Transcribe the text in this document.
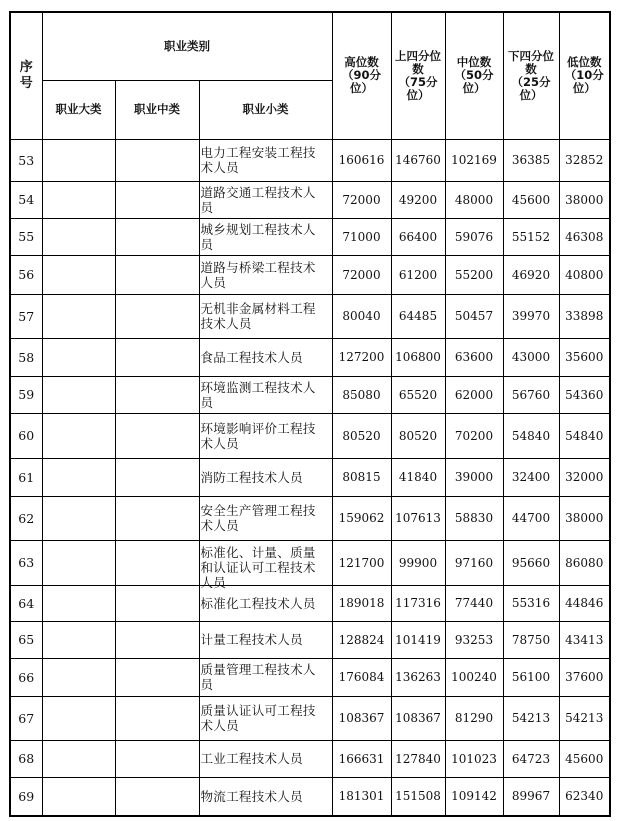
序号	职业类别			高位数
（90分
位）	上四分位
数
（75分
位）	中位数
（50分
位）	下四分位
数
（25分
位）	低位数
（10分
位）

	职业大类	职业中类	职业小类					
53			电力工程安装工程技术人员	160616	146760	102169	36385	32852
54			道路交通工程技术人员	72000	49200	48000	45600	38000
55			城乡规划工程技术人员	71000	66400	59076	55152	46308
56			道路与桥梁工程技术人员	72000	61200	55200	46920	40800
57			无机非金属材料工程技术人员	80040	64485	50457	39970	33898
58			食品工程技术人员	127200	106800	63600	43000	35600
59			环境监测工程技术人员	85080	65520	62000	56760	54360
60			环境影响评价工程技术人员	80520	80520	70200	54840	54840
61			消防工程技术人员	80815	41840	39000	32400	32000
62			安全生产管理工程技术人员	159062	107613	58830	44700	38000
63			标准化、计量、质量和认证认可工程技术人员	121700	99900	97160	95660	86080
64			标准化工程技术人员	189018	117316	77440	55316	44846
65			计量工程技术人员	128824	101419	93253	78750	43413
66			质量管理工程技术人员	176084	136263	100240	56100	37600
67			质量认证认可工程技术人员	108367	108367	81290	54213	54213
68			工业工程技术人员	166631	127840	101023	64723	45600
69			物流工程技术人员	181301	151508	109142	89967	62340
